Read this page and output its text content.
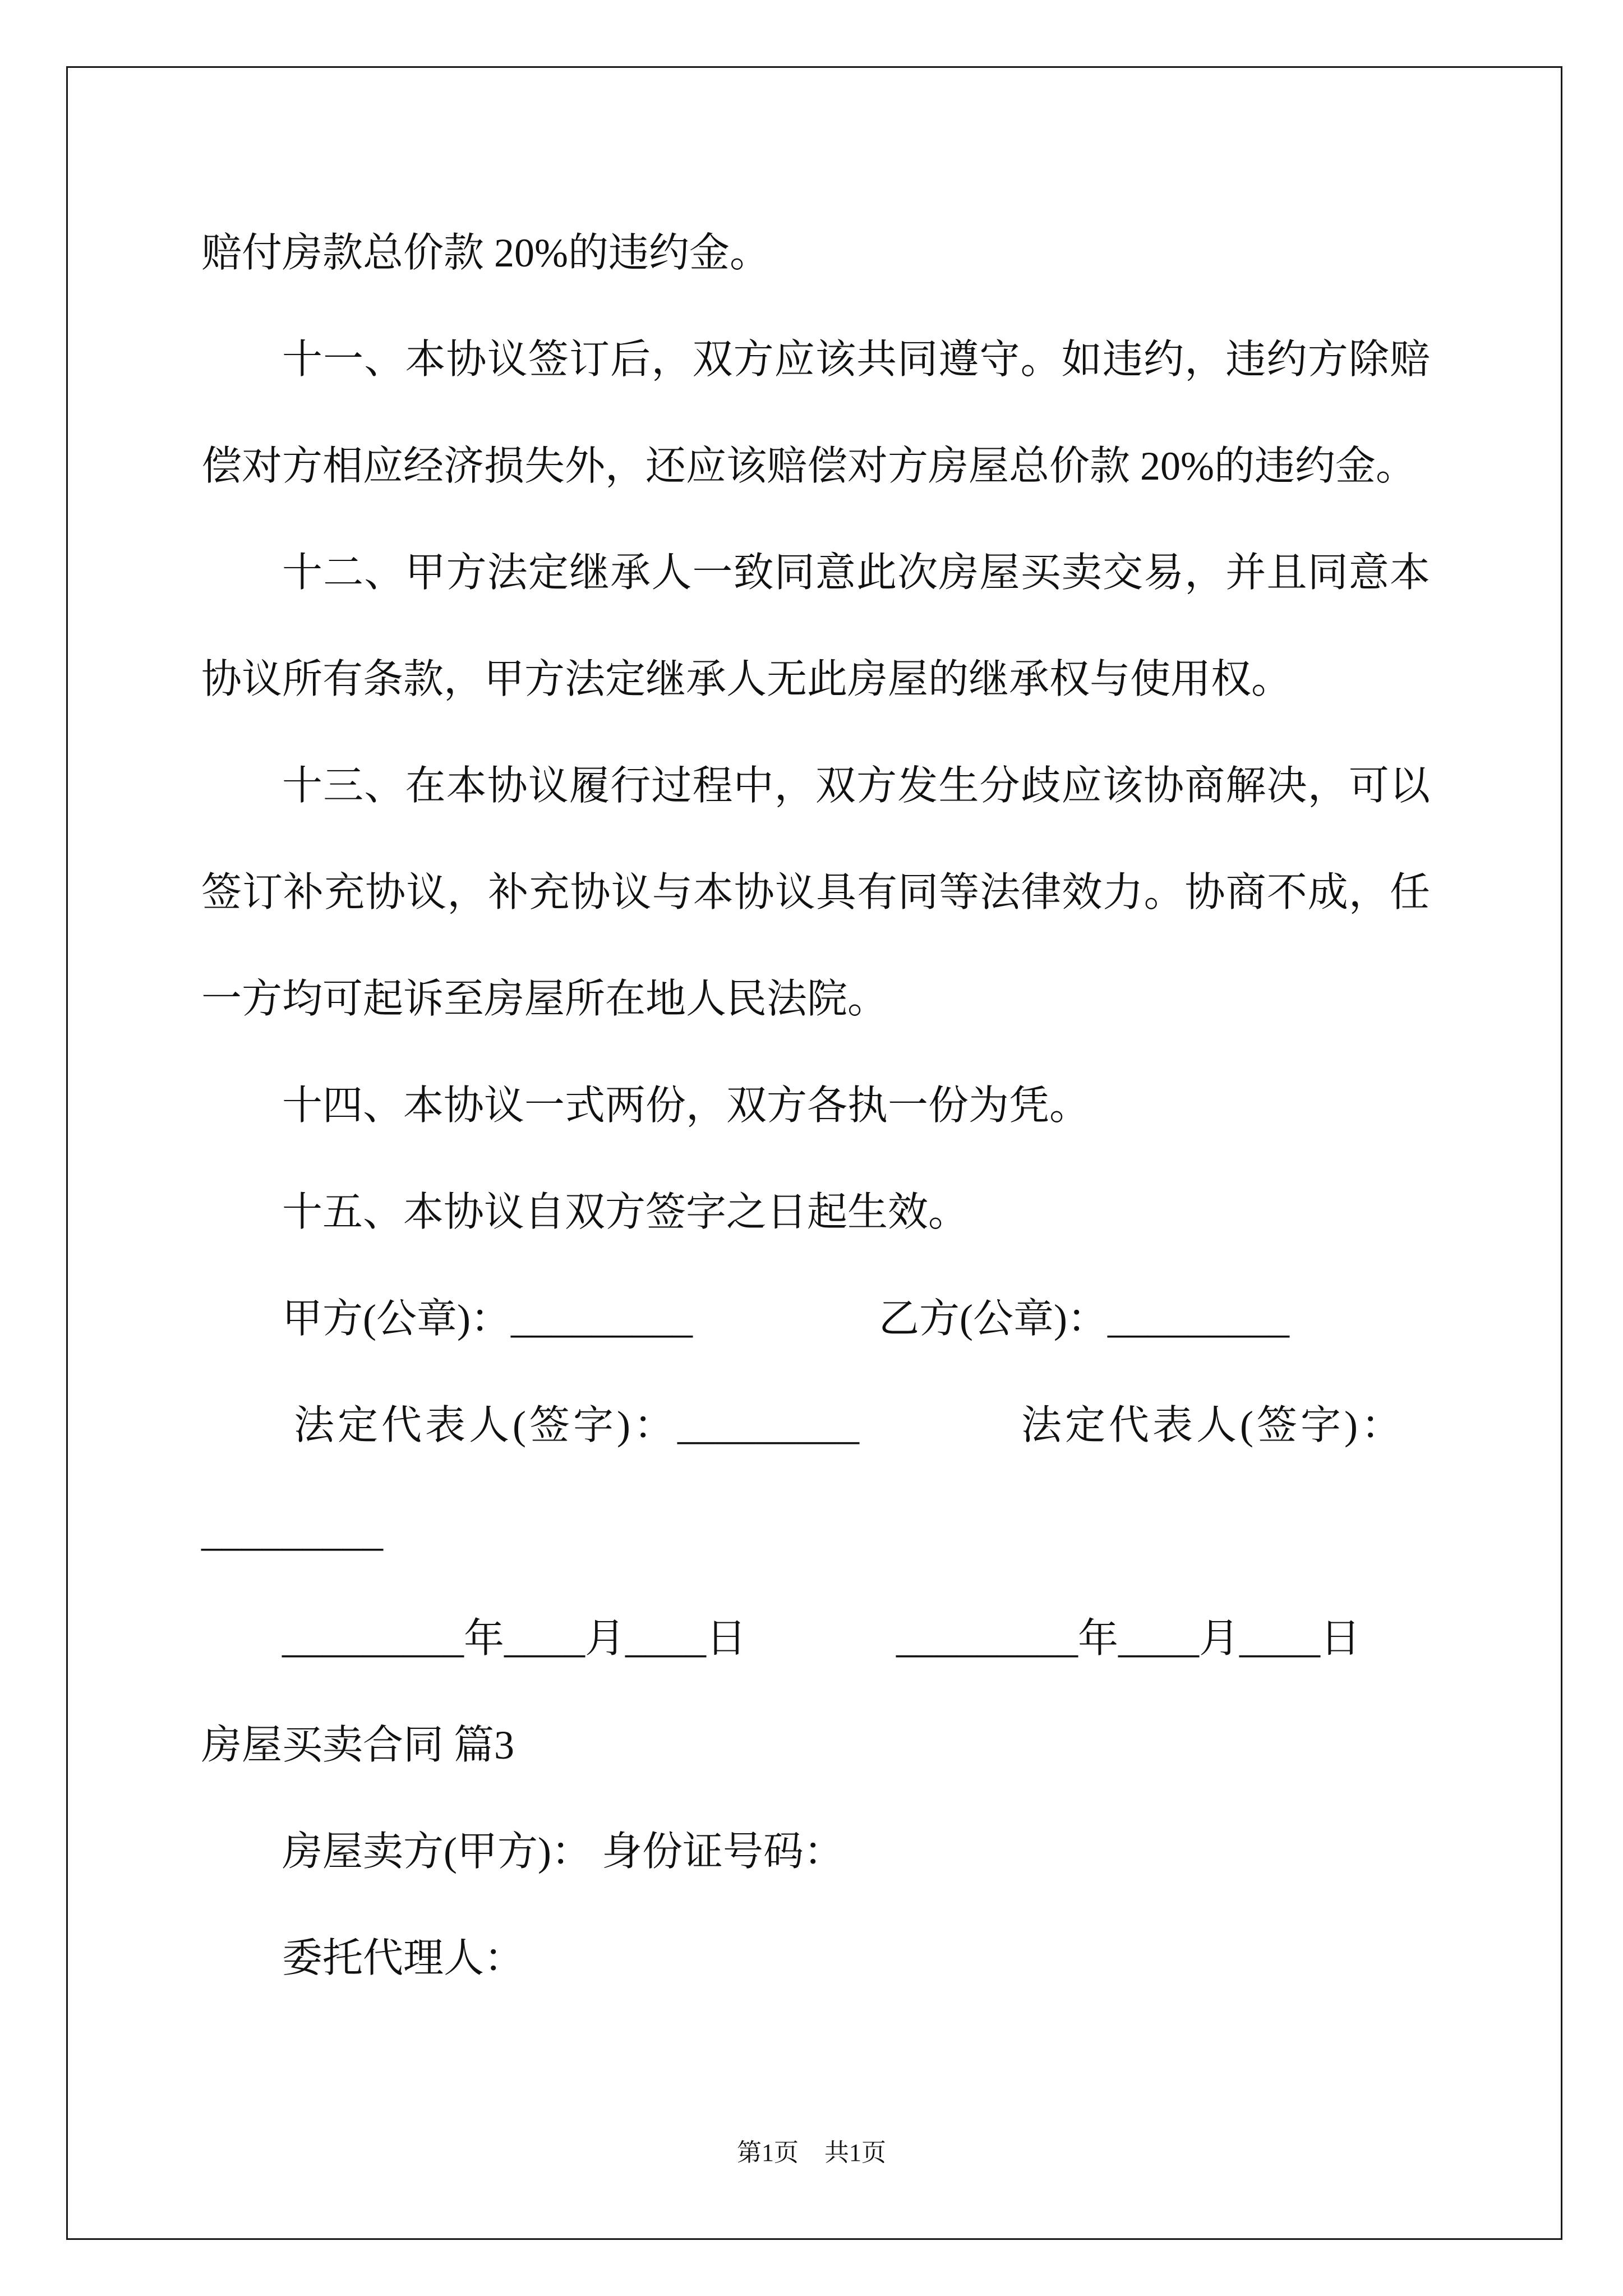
赔付房款总价款 20%的违约金。
十一、本协议签订后，双方应该共同遵守。如违约，违约方除赔
偿对方相应经济损失外，还应该赔偿对方房屋总价款 20%的违约金。
十二、甲方法定继承人一致同意此次房屋买卖交易，并且同意本
协议所有条款，甲方法定继承人无此房屋的继承权与使用权。
十三、在本协议履行过程中，双方发生分歧应该协商解决，可以
签订补充协议，补充协议与本协议具有同等法律效力。协商不成，任
一方均可起诉至房屋所在地人民法院。
十四、本协议一式两份，双方各执一份为凭。
十五、本协议自双方签字之日起生效。
甲方(公章)：_________	乙方(公章)：_________
法定代表人(签字)：_________	法定代表人(签字)：
_________
_________年____月____日	_________年____月____日
房屋买卖合同 篇3
房屋卖方(甲方)： 身份证号码：
委托代理人：
第1页 共1页
